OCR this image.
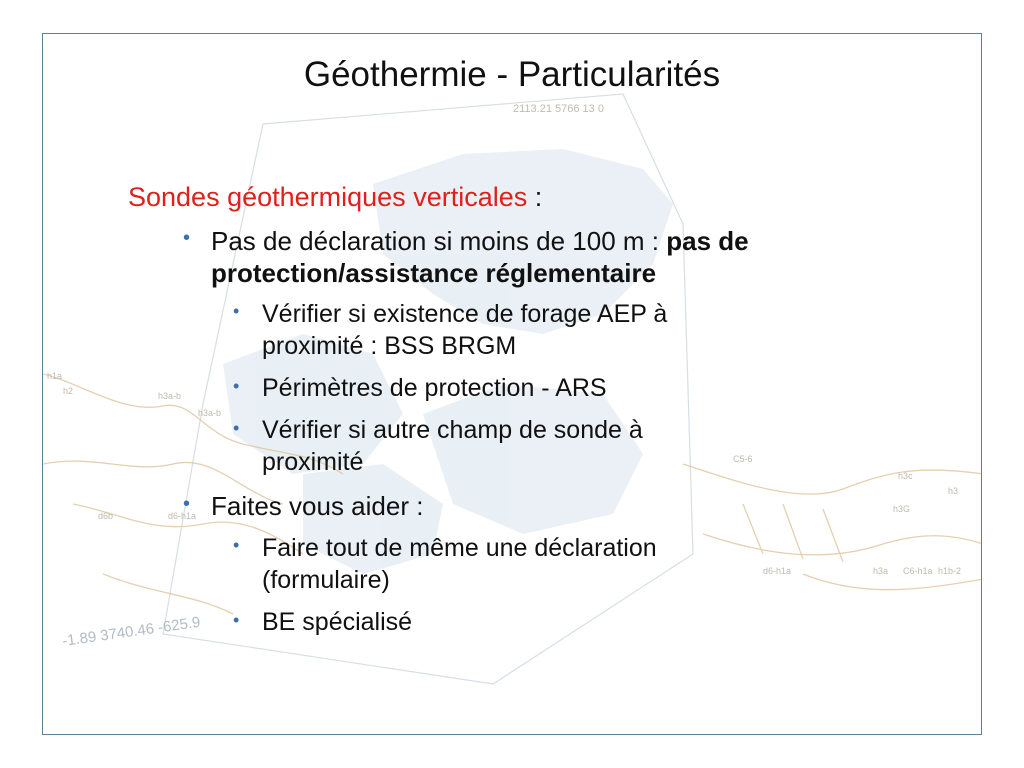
2113.21 5766 13 0
-1.89 3740.46 -625.9
h3a-b
h3a-b
h3c
h3
h3G
d6b	d6-h1a
h1a
h2
C5-6
d6-h1a	h3a C6-h1a h1b-2
Géothermie - Particularités
Sondes géothermiques verticales :
• Pas de déclaration si moins de 100 m : pas de
protection/assistance réglementaire
• Vérifier si existence de forage AEP à
proximité : BSS BRGM
• Périmètres de protection - ARS
• Vérifier si autre champ de sonde à
proximité
• Faites vous aider :
• Faire tout de même une déclaration
(formulaire)
• BE spécialisé
